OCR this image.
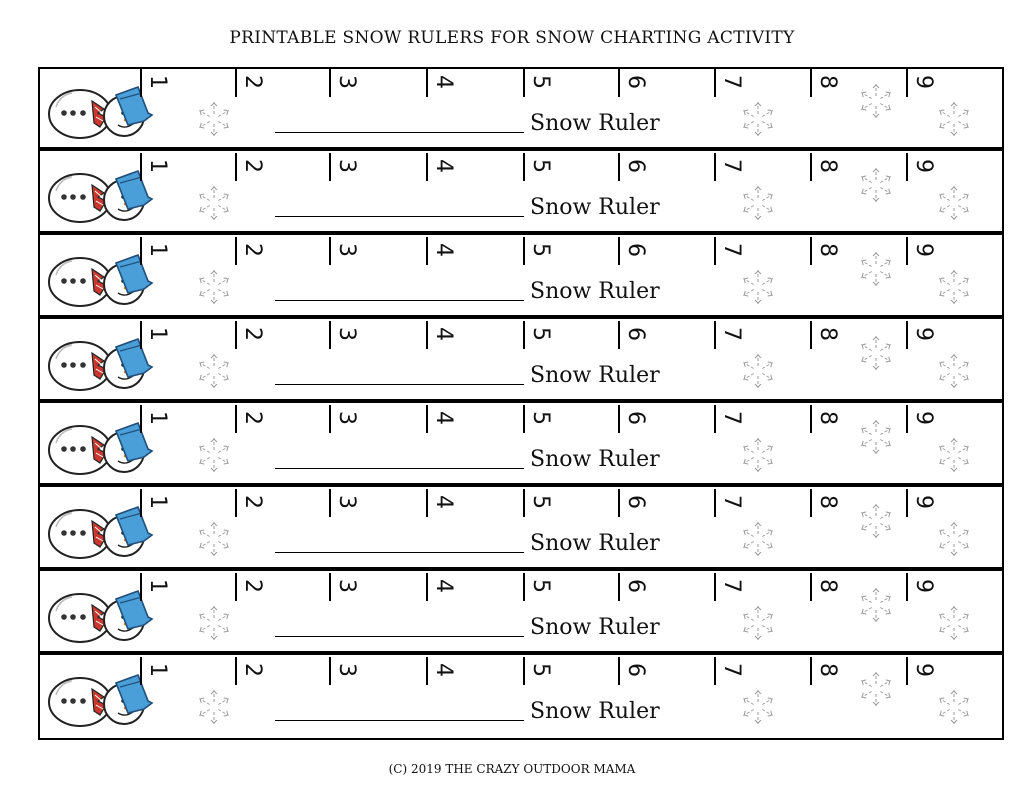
PRINTABLE SNOW RULERS FOR SNOW CHARTING ACTIVITY
1	2	3	4	5	6	7	8	9
Snow Ruler
1	2	3	4	5	6	7	8	9
Snow Ruler
1	2	3	4	5	6	7	8	9
Snow Ruler
1	2	3	4	5	6	7	8	9
Snow Ruler
1	2	3	4	5	6	7	8	9
Snow Ruler
1	2	3	4	5	6	7	8	9
Snow Ruler
1	2	3	4	5	6	7	8	9
Snow Ruler
1	2	3	4	5	6	7	8	9
Snow Ruler
(C) 2019 THE CRAZY OUTDOOR MAMA
